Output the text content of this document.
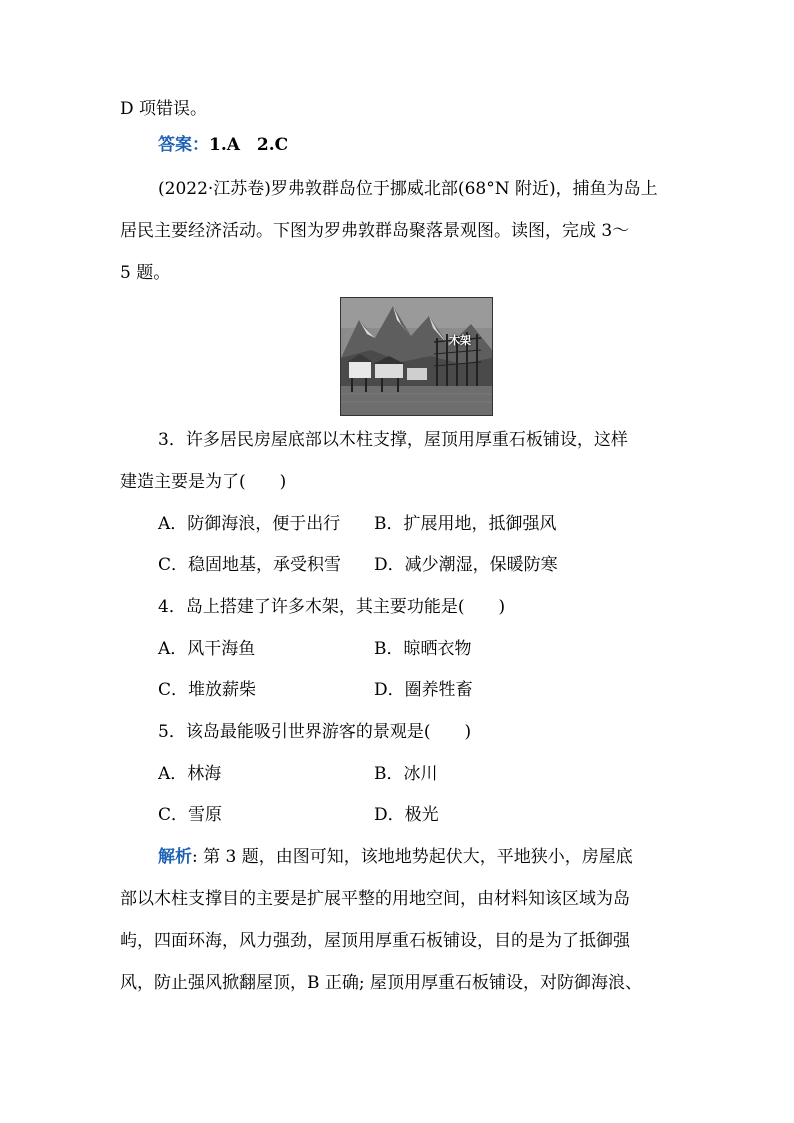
D 项错误。
答案：1.A　2.C
(2022·江苏卷)罗弗敦群岛位于挪威北部(68°N 附近)，捕鱼为岛上
居民主要经济活动。下图为罗弗敦群岛聚落景观图。读图，完成 3～
5 题。
木架
3．许多居民房屋底部以木柱支撑，屋顶用厚重石板铺设，这样
建造主要是为了(　　)
A．防御海浪，便于出行 B．扩展用地，抵御强风
C．稳固地基，承受积雪 D．减少潮湿，保暖防寒
4．岛上搭建了许多木架，其主要功能是(　　)
A．风干海鱼	B．晾晒衣物
C．堆放薪柴	D．圈养牲畜
5．该岛最能吸引世界游客的景观是(　　)
A．林海	B．冰川
C．雪原	D．极光
解析: 第 3 题，由图可知，该地地势起伏大，平地狭小，房屋底
部以木柱支撑目的主要是扩展平整的用地空间，由材料知该区域为岛
屿，四面环海，风力强劲，屋顶用厚重石板铺设，目的是为了抵御强
风，防止强风掀翻屋顶，B 正确; 屋顶用厚重石板铺设，对防御海浪、
